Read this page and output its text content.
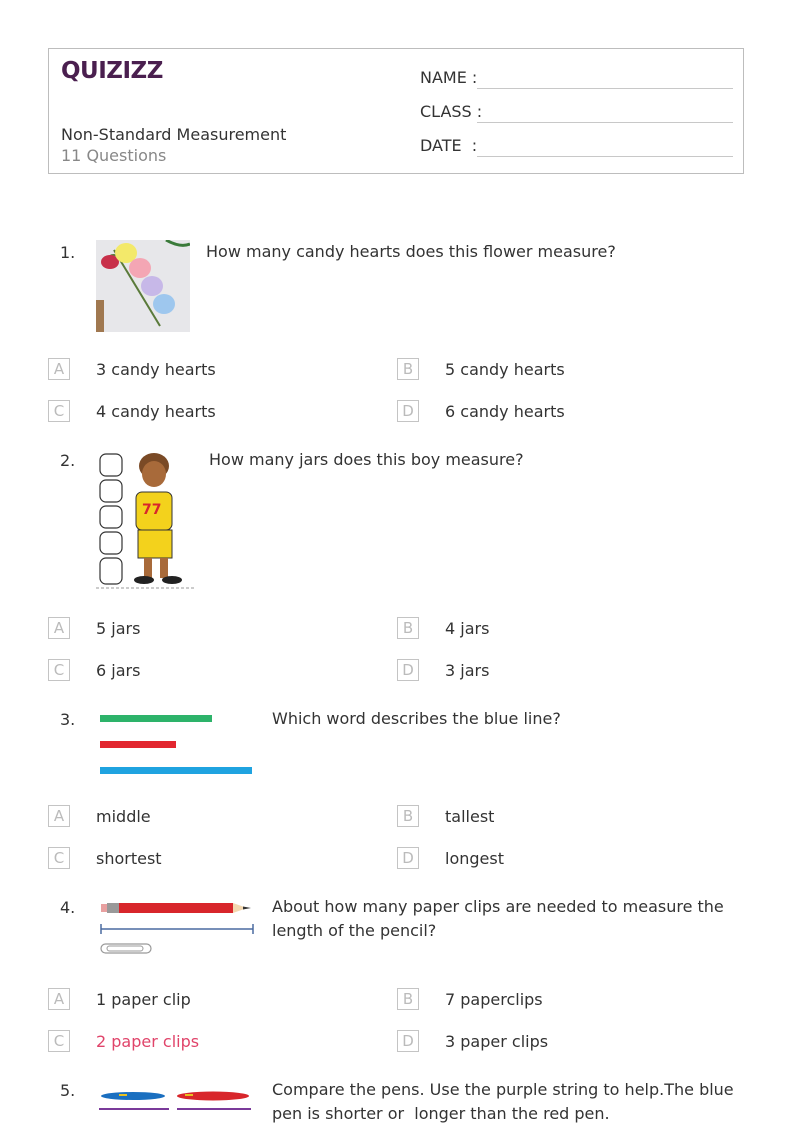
QUIZIZZ
Non-Standard Measurement
11 Questions
NAME :
CLASS :
DATE  :
1.	How many candy hearts does this flower measure?
A	3 candy hearts	B	5 candy hearts
C	4 candy hearts	D	6 candy hearts
2.
77
How many jars does this boy measure?
A	5 jars	B	4 jars
C	6 jars	D	3 jars
3.	Which word describes the blue line?
A	middle	B	tallest
C	shortest	D	longest
4.	About how many paper clips are needed to measure the length of the pencil?
A	1 paper clip	B	7 paperclips
C	2 paper clips	D	3 paper clips
5.	Compare the pens. Use the purple string to help.The blue pen is shorter or  longer than the red pen.
